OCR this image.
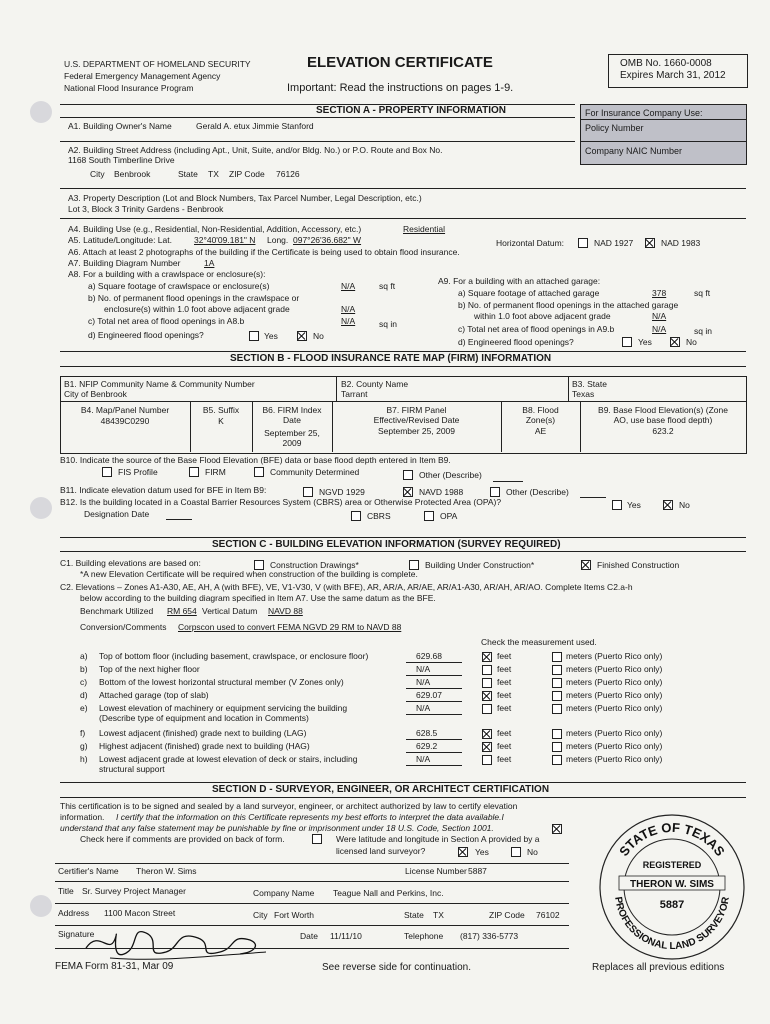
U.S. DEPARTMENT OF HOMELAND SECURITY
Federal Emergency Management Agency
National Flood Insurance Program
ELEVATION CERTIFICATE
Important: Read the instructions on pages 1-9.
OMB No. 1660-0008
Expires March 31, 2012
SECTION A - PROPERTY INFORMATION	For Insurance Company Use:
Policy Number
Company NAIC Number
A1. Building Owner's Name	Gerald A. etux Jimmie Stanford
A2. Building Street Address (including Apt., Unit, Suite, and/or Bldg. No.) or P.O. Route and Box No.
1168 South Timberline Drive
City Benbrook	State TX ZIP Code 76126
A3. Property Description (Lot and Block Numbers, Tax Parcel Number, Legal Description, etc.)
Lot 3, Block 3 Trinity Gardens - Benbrook
A4. Building Use (e.g., Residential, Non-Residential, Addition, Accessory, etc.)	Residential
A5. Latitude/Longitude: Lat.	32°40'09.181" N Long. 097°26'36.682" W	Horizontal Datum:	NAD 1927	NAD 1983
A6. Attach at least 2 photographs of the building if the Certificate is being used to obtain flood insurance.
A7. Building Diagram Number	1A
A8. For a building with a crawlspace or enclosure(s):
a) Square footage of crawlspace or enclosure(s)	N/A	sq ft
b) No. of permanent flood openings in the crawlspace or
enclosure(s) within 1.0 foot above adjacent grade	N/A
c) Total net area of flood openings in A8.b	N/A	sq in
d) Engineered flood openings?	Yes	No
A9. For a building with an attached garage:
a) Square footage of attached garage	378	sq ft
b) No. of permanent flood openings in the attached garage
within 1.0 foot above adjacent grade	N/A
c) Total net area of flood openings in A9.b	N/A	sq in
d) Engineered flood openings?	Yes	No
SECTION B - FLOOD INSURANCE RATE MAP (FIRM) INFORMATION
B1. NFIP Community Name & Community Number
City of Benbrook
B2. County Name
Tarrant
B3. State
Texas
B4. Map/Panel Number
48439C0290
B5. Suffix
K
B6. FIRM Index
Date
September 25,
2009
B7. FIRM Panel
Effective/Revised Date
September 25, 2009
B8. Flood
Zone(s)
AE
B9. Base Flood Elevation(s) (Zone
AO, use base flood depth)
623.2
B10. Indicate the source of the Base Flood Elevation (BFE) data or base flood depth entered in Item B9.
FIS Profile	FIRM	Community Determined	Other (Describe)
B11. Indicate elevation datum used for BFE in Item B9:	NGVD 1929	NAVD 1988	Other (Describe)
B12. Is the building located in a Coastal Barrier Resources System (CBRS) area or Otherwise Protected Area (OPA)?	Yes	No
Designation Date	CBRS	OPA
SECTION C - BUILDING ELEVATION INFORMATION (SURVEY REQUIRED)
C1. Building elevations are based on:	Construction Drawings*	Building Under Construction*	Finished Construction
*A new Elevation Certificate will be required when construction of the building is complete.
C2. Elevations – Zones A1-A30, AE, AH, A (with BFE), VE, V1-V30, V (with BFE), AR, AR/A, AR/AE, AR/A1-A30, AR/AH, AR/AO. Complete Items C2.a-h
below according to the building diagram specified in Item A7. Use the same datum as the BFE.
Benchmark Utilized RM 654 Vertical Datum NAVD 88
Conversion/Comments Corpscon used to convert FEMA NGVD 29 RM to NAVD 88
Check the measurement used.
a) Top of bottom floor (including basement, crawlspace, or enclosure floor)	629.68	feet	meters (Puerto Rico only)
b) Top of the next higher floor	N/A	feet	meters (Puerto Rico only)
c) Bottom of the lowest horizontal structural member (V Zones only)	N/A	feet	meters (Puerto Rico only)
d) Attached garage (top of slab)	629.07	feet	meters (Puerto Rico only)
e) Lowest elevation of machinery or equipment servicing the building
(Describe type of equipment and location in Comments)
N/A	feet	meters (Puerto Rico only)
f) Lowest adjacent (finished) grade next to building (LAG)	628.5	feet	meters (Puerto Rico only)
g) Highest adjacent (finished) grade next to building (HAG)	629.2	feet	meters (Puerto Rico only)
h) Lowest adjacent grade at lowest elevation of deck or stairs, including
structural support
N/A	feet	meters (Puerto Rico only)
SECTION D - SURVEYOR, ENGINEER, OR ARCHITECT CERTIFICATION
This certification is to be signed and sealed by a land surveyor, engineer, or architect authorized by law to certify elevation
information. I certify that the information on this Certificate represents my best efforts to interpret the data available.I
understand that any false statement may be punishable by fine or imprisonment under 18 U.S. Code, Section 1001.
Check here if comments are provided on back of form.	Were latitude and longitude in Section A provided by a
licensed land surveyor?	Yes	No
Certifier's Name Theron W. Sims	License Number 5887
Title Sr. Survey Project Manager	Company Name Teague Nall and Perkins, Inc.
Address 1100 Macon Street	City Fort Worth	State TX	ZIP Code 76102
Signature	Date 11/11/10	Telephone (817) 336-5773
STATE OF TEXAS
PROFESSIONAL LAND SURVEYOR
REGISTERED
THERON W. SIMS
5887
FEMA Form 81-31, Mar 09	See reverse side for continuation.	Replaces all previous editions
